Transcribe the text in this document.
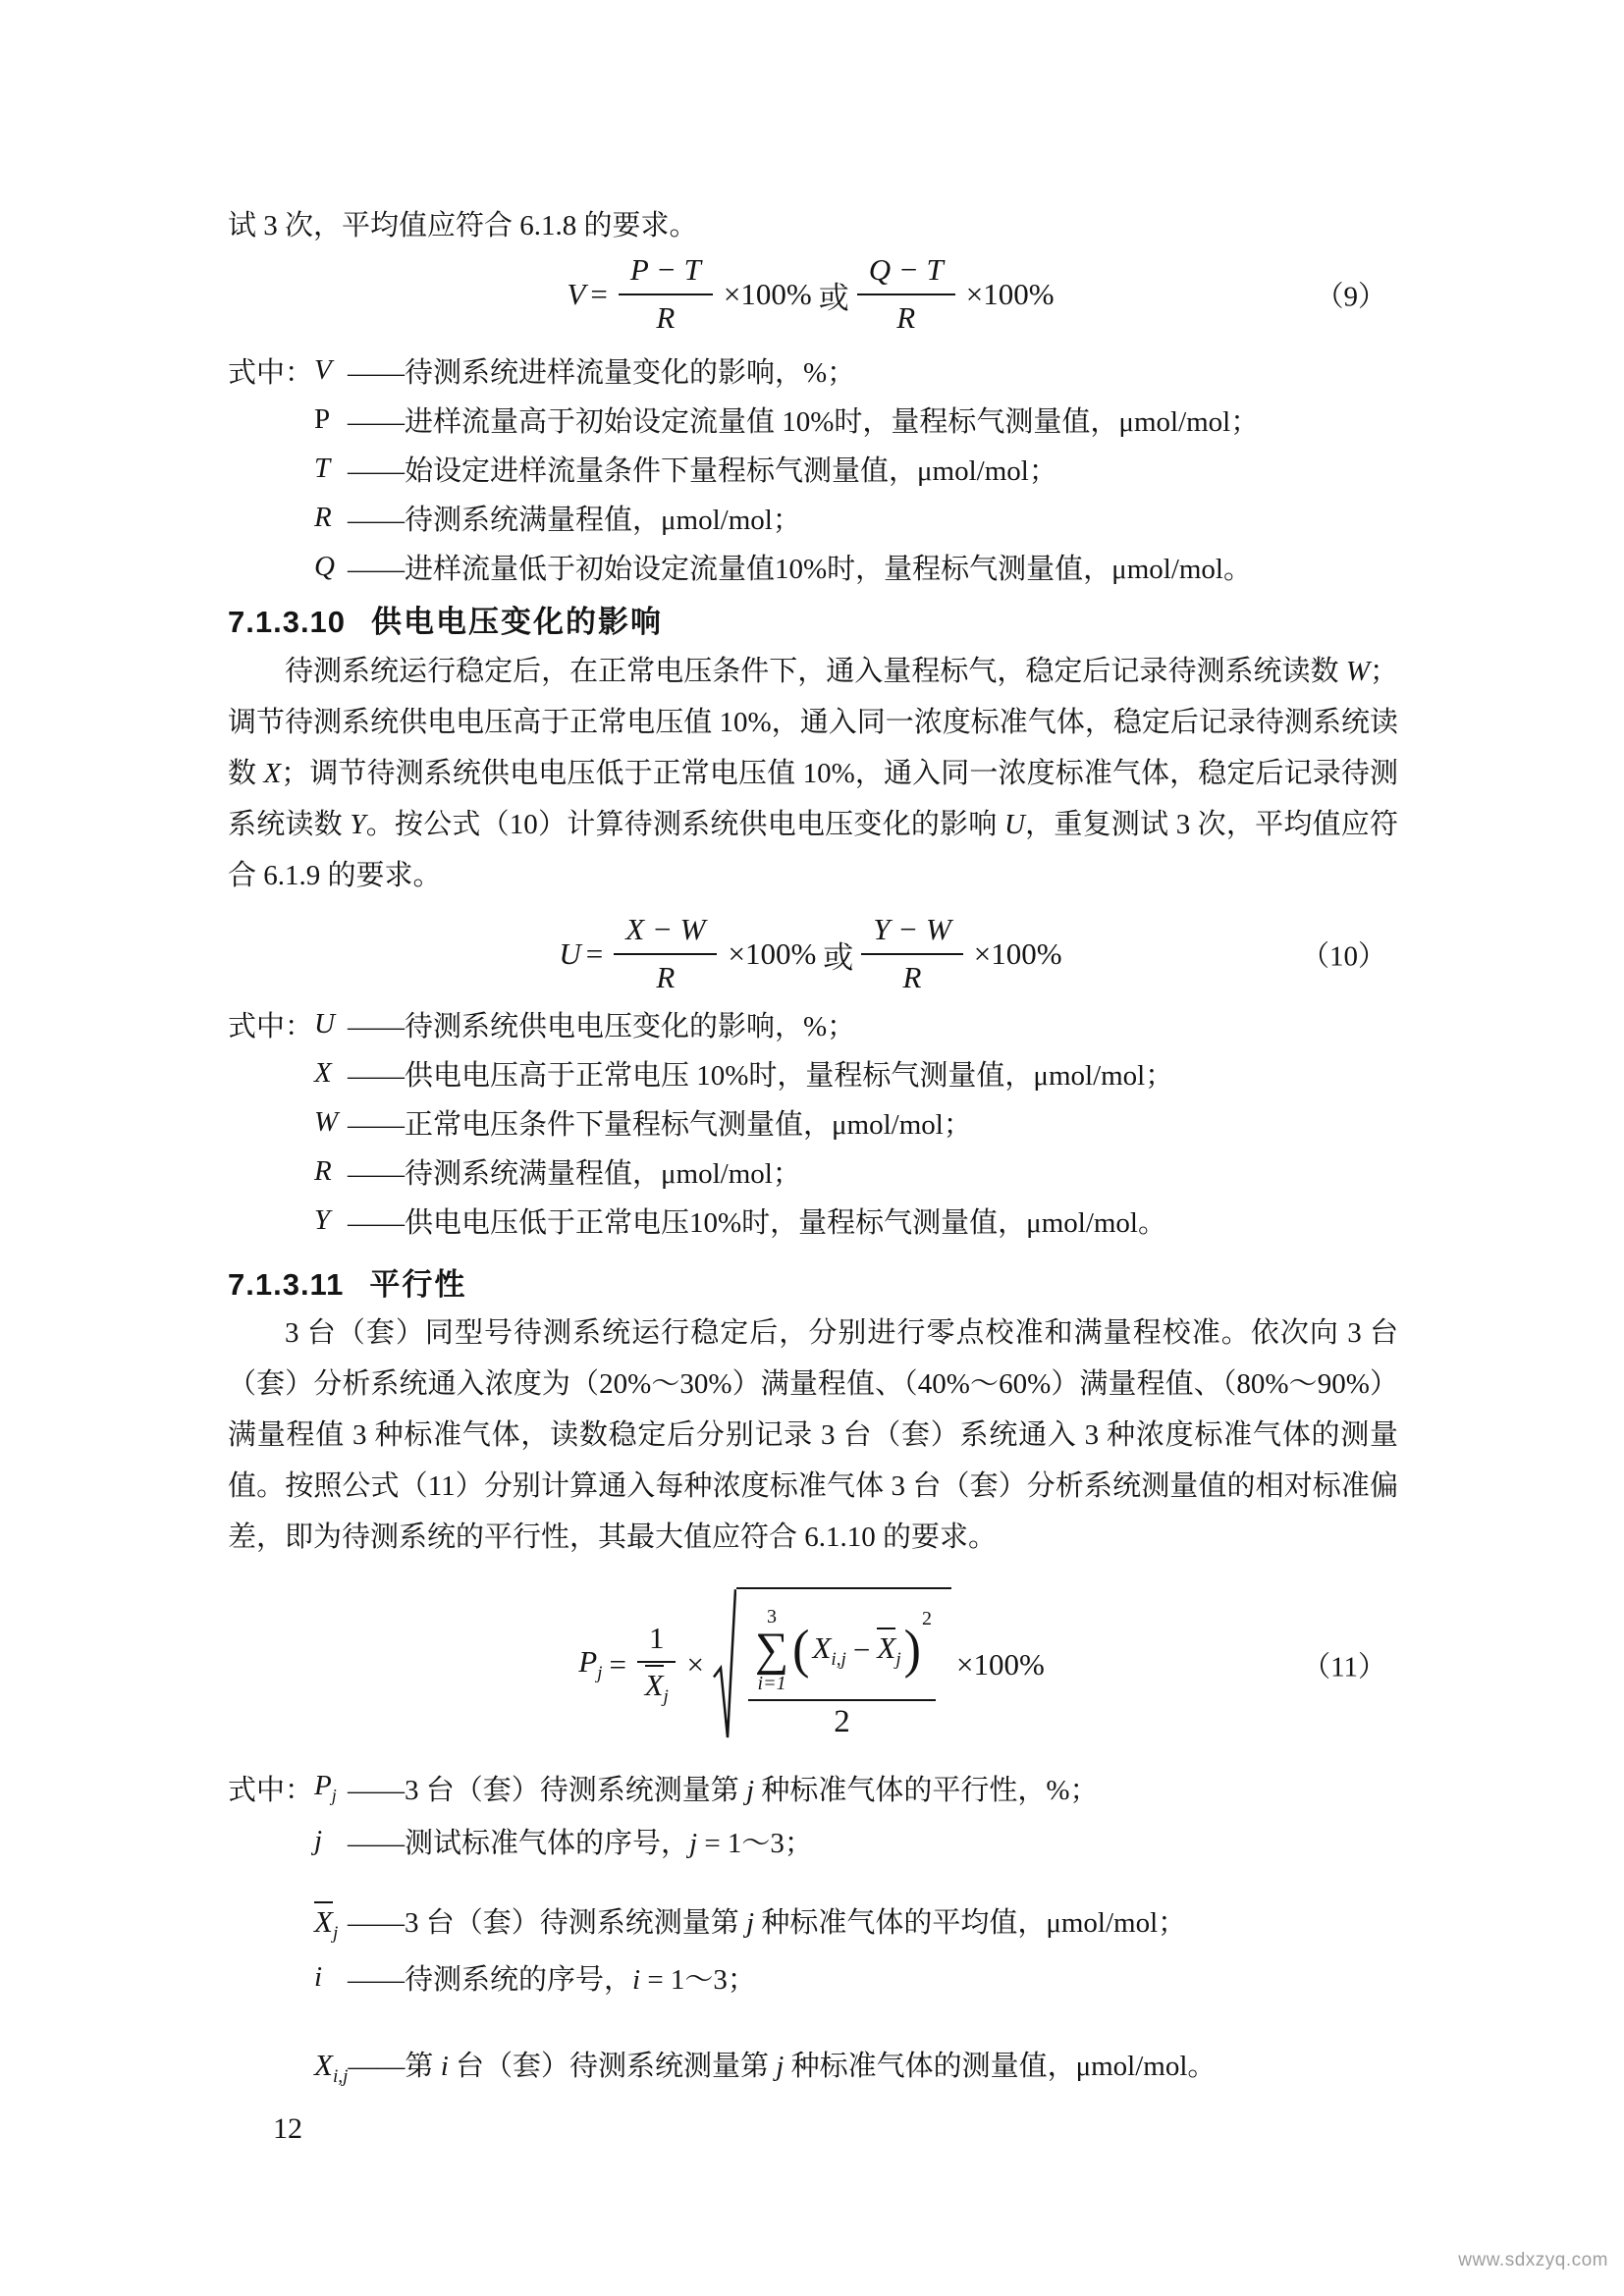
试 3 次，平均值应符合 6.1.8 的要求。
$V = \frac{P - T}{R} \times 100\%$ 或 $\frac{Q - T}{R} \times 100\%$	（9）
式中： V ——待测系统进样流量变化的影响，%；
P ——进样流量高于初始设定流量值 10%时，量程标气测量值，μmol/mol；
T ——始设定进样流量条件下量程标气测量值，μmol/mol；
R ——待测系统满量程值，μmol/mol；
Q ——进样流量低于初始设定流量值10%时，量程标气测量值，μmol/mol。
7.1.3.10 供电电压变化的影响
待测系统运行稳定后，在正常电压条件下，通入量程标气，稳定后记录待测系统读数 W；调节待测系统供电电压高于正常电压值 10%，通入同一浓度标准气体，稳定后记录待测系统读数 X；调节待测系统供电电压低于正常电压值 10%，通入同一浓度标准气体，稳定后记录待测系统读数 Y。按公式（10）计算待测系统供电电压变化的影响 U，重复测试 3 次，平均值应符合 6.1.9 的要求。
$U = \frac{X - W}{R} \times 100\%$ 或 $\frac{Y - W}{R} \times 100\%$	（10）
式中： U ——待测系统供电电压变化的影响，%；
X ——供电电压高于正常电压 10%时，量程标气测量值，μmol/mol；
W ——正常电压条件下量程标气测量值，μmol/mol；
R ——待测系统满量程值，μmol/mol；
Y ——供电电压低于正常电压10%时，量程标气测量值，μmol/mol。
7.1.3.11 平行性
3 台（套）同型号待测系统运行稳定后，分别进行零点校准和满量程校准。依次向 3 台（套）分析系统通入浓度为（20%～30%）满量程值、（40%～60%）满量程值、（80%～90%）满量程值 3 种标准气体，读数稳定后分别记录 3 台（套）系统通入 3 种浓度标准气体的测量值。按照公式（11）分别计算通入每种浓度标准气体 3 台（套）分析系统测量值的相对标准偏差，即为待测系统的平行性，其最大值应符合 6.1.10 的要求。
$P_j = \frac{1}{X_j}$ ×
3
∑
i=1
( $X_{i,j} - X_j$ )
$^2$
2
×100%	（11）
式中： $P_j$ ——3 台（套）待测系统测量第 j 种标准气体的平行性，%；
j ——测试标准气体的序号，j = 1～3；
$X_j$ ——3 台（套）待测系统测量第 j 种标准气体的平均值，μmol/mol；
i ——待测系统的序号，i = 1～3；
$X_{i,j}$ ——第 i 台（套）待测系统测量第 j 种标准气体的测量值，μmol/mol。
12
www.sdxzyq.com
